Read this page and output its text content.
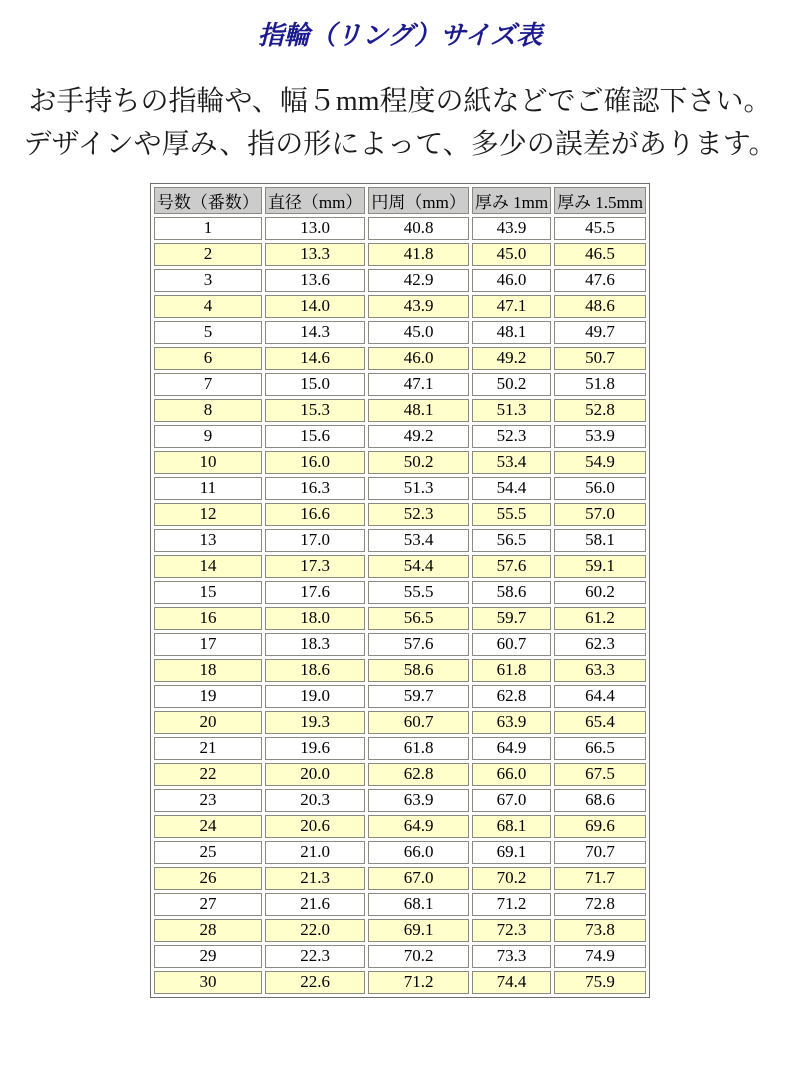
指輪（リング）サイズ表
お手持ちの指輪や、幅５mm程度の紙などでご確認下さい。
デザインや厚み、指の形によって、多少の誤差があります。
号数（番数）	直径（mm）	円周（mm）	厚み 1mm	厚み 1.5mm
1	13.0	40.8	43.9	45.5
2	13.3	41.8	45.0	46.5
3	13.6	42.9	46.0	47.6
4	14.0	43.9	47.1	48.6
5	14.3	45.0	48.1	49.7
6	14.6	46.0	49.2	50.7
7	15.0	47.1	50.2	51.8
8	15.3	48.1	51.3	52.8
9	15.6	49.2	52.3	53.9
10	16.0	50.2	53.4	54.9
11	16.3	51.3	54.4	56.0
12	16.6	52.3	55.5	57.0
13	17.0	53.4	56.5	58.1
14	17.3	54.4	57.6	59.1
15	17.6	55.5	58.6	60.2
16	18.0	56.5	59.7	61.2
17	18.3	57.6	60.7	62.3
18	18.6	58.6	61.8	63.3
19	19.0	59.7	62.8	64.4
20	19.3	60.7	63.9	65.4
21	19.6	61.8	64.9	66.5
22	20.0	62.8	66.0	67.5
23	20.3	63.9	67.0	68.6
24	20.6	64.9	68.1	69.6
25	21.0	66.0	69.1	70.7
26	21.3	67.0	70.2	71.7
27	21.6	68.1	71.2	72.8
28	22.0	69.1	72.3	73.8
29	22.3	70.2	73.3	74.9
30	22.6	71.2	74.4	75.9
